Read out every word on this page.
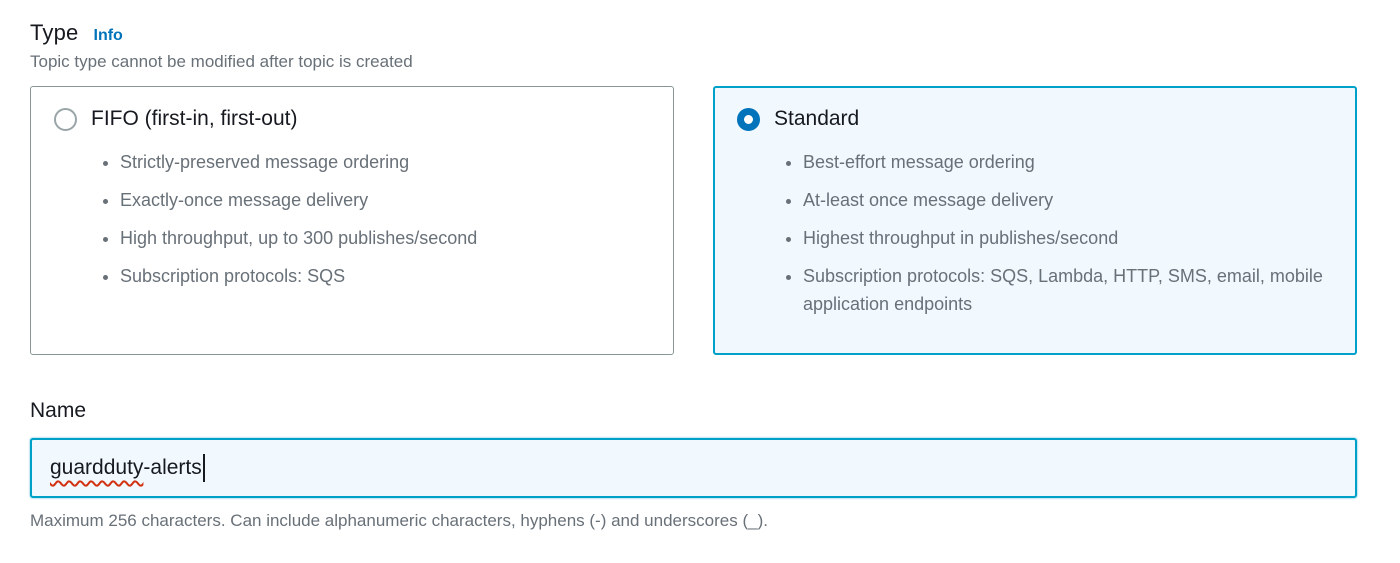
Type Info
Topic type cannot be modified after topic is created
FIFO (first-in, first-out)
• Strictly-preserved message ordering
• Exactly-once message delivery
• High throughput, up to 300 publishes/second
• Subscription protocols: SQS
Standard
• Best-effort message ordering
• At-least once message delivery
• Highest throughput in publishes/second
• Subscription protocols: SQS, Lambda, HTTP, SMS, email, mobile application endpoints
Name
guardduty -alerts
Maximum 256 characters. Can include alphanumeric characters, hyphens (-) and underscores (_).
